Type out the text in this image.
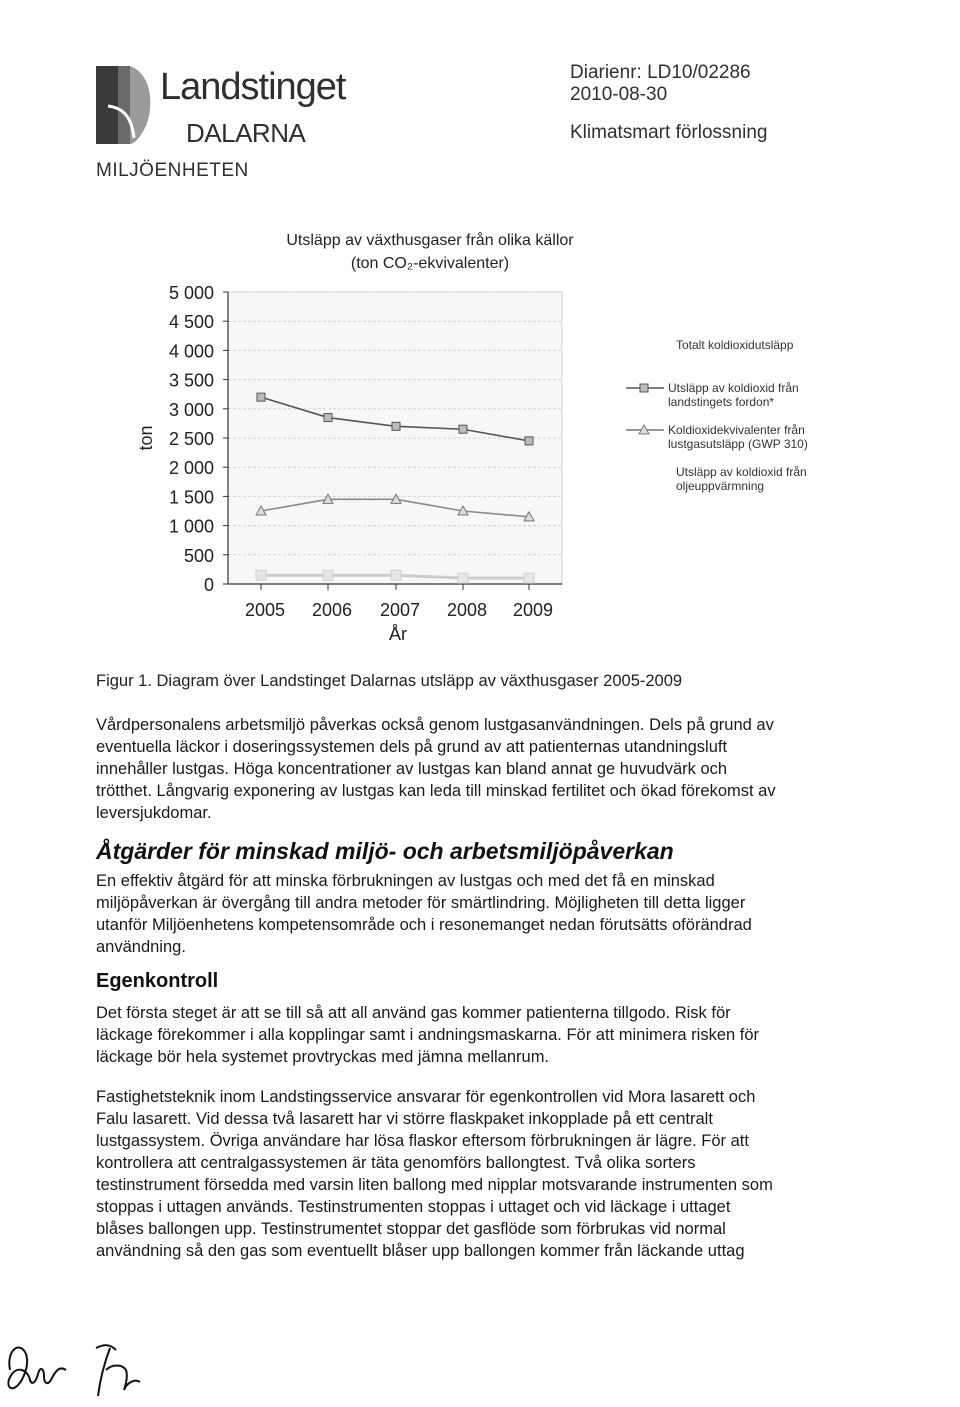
Landstinget
DALARNA
MILJÖENHETEN
Diarienr: LD10/02286
2010-08-30
Klimatsmart förlossning
Utsläpp av växthusgaser från olika källor
(ton CO₂-ekvivalenter)
5 000
4 500
4 000
3 500
3 000
2 500
2 000
1 500
1 000
500
0
ton
2005 2006 2007 2008 2009
År
Totalt koldioxidutsläpp
Utsläpp av koldioxid från landstingets fordon*
Koldioxidekvivalenter från lustgasutsläpp (GWP 310)
Utsläpp av koldioxid från oljeuppvärmning
Figur 1. Diagram över Landstinget Dalarnas utsläpp av växthusgaser 2005-2009
Vårdpersonalens arbetsmiljö påverkas också genom lustgasanvändningen. Dels på grund av
eventuella läckor i doseringssystemen dels på grund av att patienternas utandningsluft
innehåller lustgas. Höga koncentrationer av lustgas kan bland annat ge huvudvärk och
trötthet. Långvarig exponering av lustgas kan leda till minskad fertilitet och ökad förekomst av
leversjukdomar.
Åtgärder för minskad miljö- och arbetsmiljöpåverkan
En effektiv åtgärd för att minska förbrukningen av lustgas och med det få en minskad
miljöpåverkan är övergång till andra metoder för smärtlindring. Möjligheten till detta ligger
utanför Miljöenhetens kompetensområde och i resonemanget nedan förutsätts oförändrad
användning.
Egenkontroll
Det första steget är att se till så att all använd gas kommer patienterna tillgodo. Risk för
läckage förekommer i alla kopplingar samt i andningsmaskarna. För att minimera risken för
läckage bör hela systemet provtryckas med jämna mellanrum.
Fastighetsteknik inom Landstingsservice ansvarar för egenkontrollen vid Mora lasarett och
Falu lasarett. Vid dessa två lasarett har vi större flaskpaket inkopplade på ett centralt
lustgassystem. Övriga användare har lösa flaskor eftersom förbrukningen är lägre. För att
kontrollera att centralgassystemen är täta genomförs ballongtest. Två olika sorters
testinstrument försedda med varsin liten ballong med nipplar motsvarande instrumenten som
stoppas i uttagen används. Testinstrumenten stoppas i uttaget och vid läckage i uttaget
blåses ballongen upp. Testinstrumentet stoppar det gasflöde som förbrukas vid normal
användning så den gas som eventuellt blåser upp ballongen kommer från läckande uttag
